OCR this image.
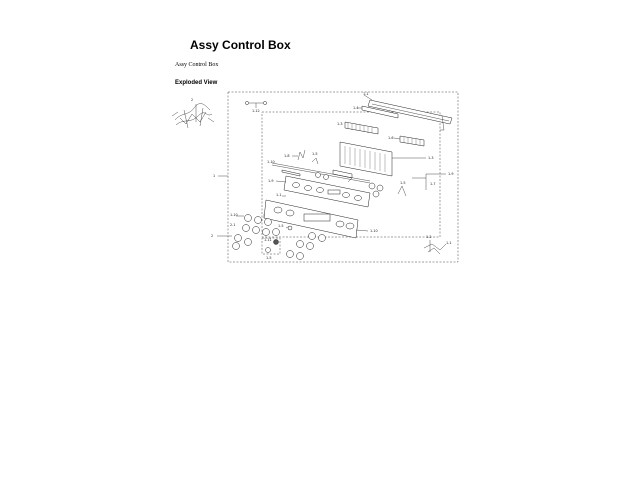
Assy Control Box
Assy Control Box
Exploded View
2
1
2
1-12
1-1
1-4
1-3
1-6
1-3
1-8	1-5
1-10
1-9
1-1
1-5
1-9
1-7
1-10
1-10
2-1	1-5
1-11
1-5
1-2
1-1
